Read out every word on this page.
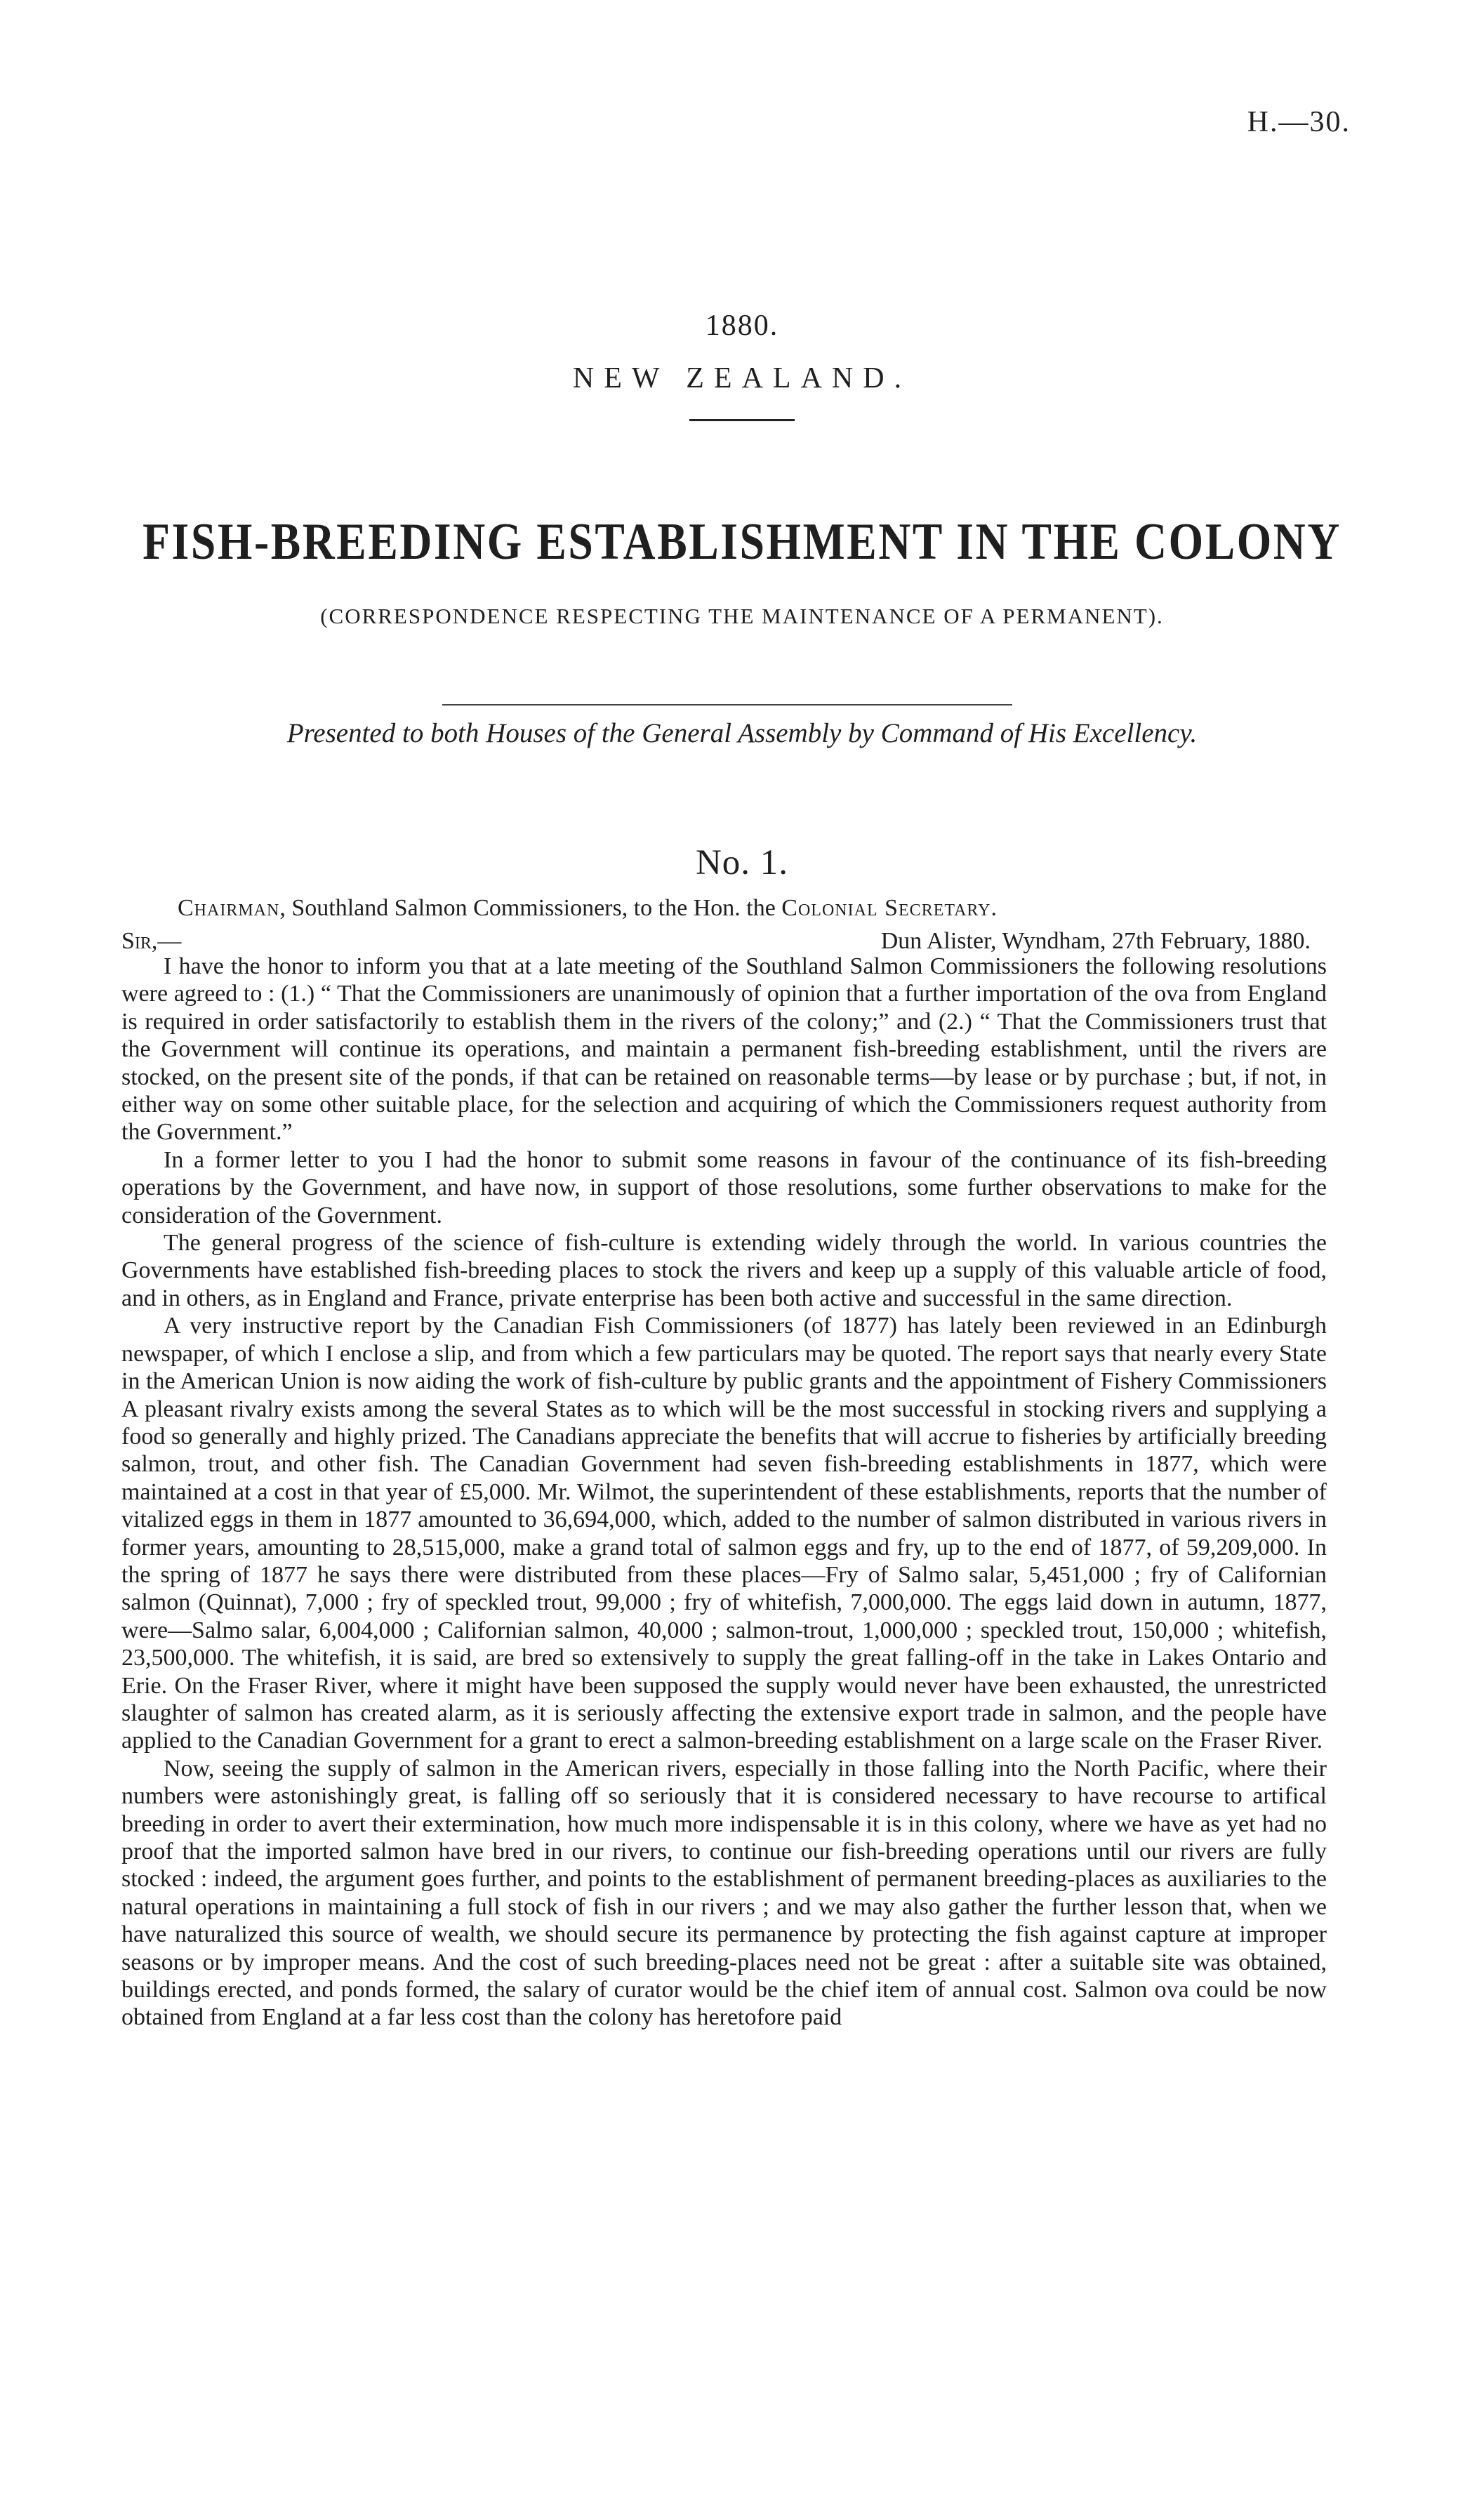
H.—30.
1880.
NEW ZEALAND.
FISH-BREEDING ESTABLISHMENT IN THE COLONY
(CORRESPONDENCE RESPECTING THE MAINTENANCE OF A PERMANENT).
Presented to both Houses of the General Assembly by Command of His Excellency.
No. 1.
Chairman, Southland Salmon Commissioners, to the Hon. the Colonial Secretary.
Sir,—	Dun Alister, Wyndham, 27th February, 1880.

I have the honor to inform you that at a late meeting of the Southland Salmon Commissioners the following resolutions were agreed to : (1.) “ That the Commissioners are unanimously of opinion that a further importation of the ova from England is required in order satisfactorily to establish them in the rivers of the colony;” and (2.) “ That the Commissioners trust that the Government will continue its operations, and maintain a permanent fish-breeding establishment, until the rivers are stocked, on the present site of the ponds, if that can be retained on reasonable terms—by lease or by purchase ; but, if not, in either way on some other suitable place, for the selection and acquiring of which the Commissioners request authority from the Government.”

In a former letter to you I had the honor to submit some reasons in favour of the continuance of its fish-breeding operations by the Government, and have now, in support of those resolutions, some further observations to make for the consideration of the Government.

The general progress of the science of fish-culture is extending widely through the world. In various countries the Governments have established fish-breeding places to stock the rivers and keep up a supply of this valuable article of food, and in others, as in England and France, private enterprise has been both active and successful in the same direction.

A very instructive report by the Canadian Fish Commissioners (of 1877) has lately been reviewed in an Edinburgh newspaper, of which I enclose a slip, and from which a few particulars may be quoted. The report says that nearly every State in the American Union is now aiding the work of fish-culture by public grants and the appointment of Fishery Commissioners A pleasant rivalry exists among the several States as to which will be the most successful in stocking rivers and supplying a food so generally and highly prized. The Canadians appreciate the benefits that will accrue to fisheries by artificially breeding salmon, trout, and other fish. The Canadian Government had seven fish-breeding establishments in 1877, which were maintained at a cost in that year of £5,000. Mr. Wilmot, the superintendent of these establishments, reports that the number of vitalized eggs in them in 1877 amounted to 36,694,000, which, added to the number of salmon distributed in various rivers in former years, amounting to 28,515,000, make a grand total of salmon eggs and fry, up to the end of 1877, of 59,209,000. In the spring of 1877 he says there were distributed from these places—Fry of Salmo salar, 5,451,000 ; fry of Californian salmon (Quinnat), 7,000 ; fry of speckled trout, 99,000 ; fry of whitefish, 7,000,000. The eggs laid down in autumn, 1877, were—Salmo salar, 6,004,000 ; Californian salmon, 40,000 ; salmon-trout, 1,000,000 ; speckled trout, 150,000 ; whitefish, 23,500,000. The whitefish, it is said, are bred so extensively to supply the great falling-off in the take in Lakes Ontario and Erie. On the Fraser River, where it might have been supposed the supply would never have been exhausted, the unrestricted slaughter of salmon has created alarm, as it is seriously affecting the extensive export trade in salmon, and the people have applied to the Canadian Government for a grant to erect a salmon-breeding establishment on a large scale on the Fraser River.

Now, seeing the supply of salmon in the American rivers, especially in those falling into the North Pacific, where their numbers were astonishingly great, is falling off so seriously that it is considered necessary to have recourse to artifical breeding in order to avert their extermination, how much more indispensable it is in this colony, where we have as yet had no proof that the imported salmon have bred in our rivers, to continue our fish-breeding operations until our rivers are fully stocked : indeed, the argument goes further, and points to the establishment of permanent breeding-places as auxiliaries to the natural operations in maintaining a full stock of fish in our rivers ; and we may also gather the further lesson that, when we have naturalized this source of wealth, we should secure its permanence by protecting the fish against capture at improper seasons or by improper means. And the cost of such breeding-places need not be great : after a suitable site was obtained, buildings erected, and ponds formed, the salary of curator would be the chief item of annual cost. Salmon ova could be now obtained from England at a far less cost than the colony has heretofore paid
